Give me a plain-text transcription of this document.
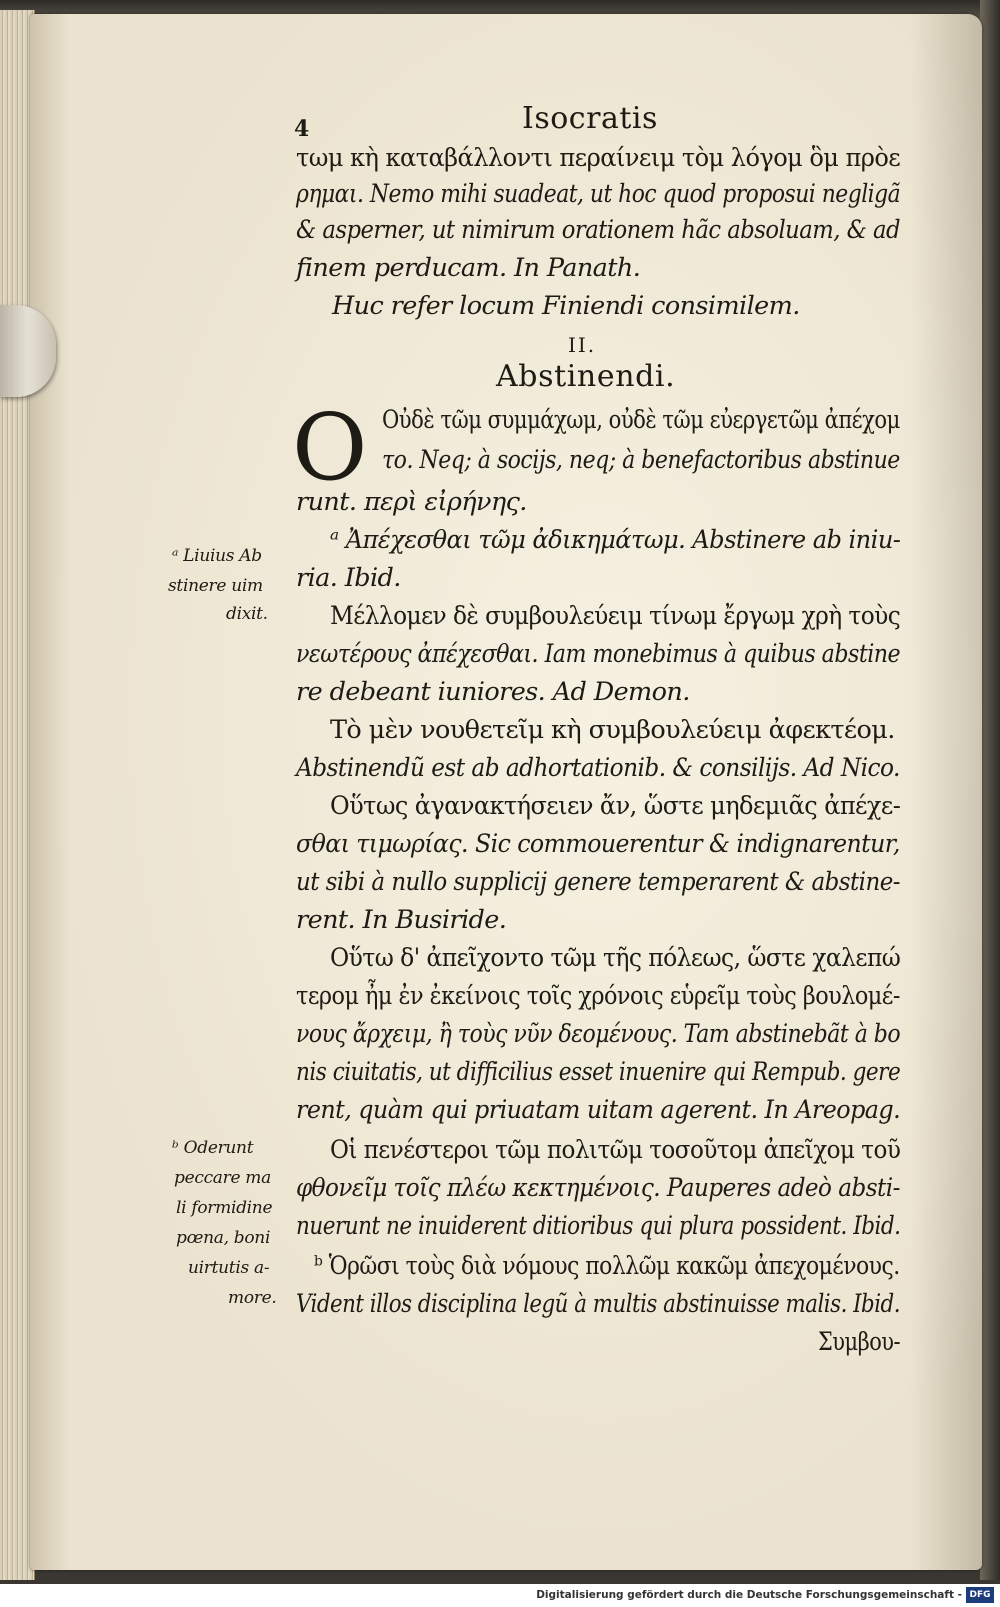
4	Isocratis
τωμ κὴ καταβάλλοντι περαίνειμ τὸμ λόγομ ὃμ πρὸε
ρημαι. Nemo mihi suadeat, ut hoc quod proposui negligã
& asperner, ut nimirum orationem hãc absoluam, & ad
finem perducam. In Panath.
Huc refer locum Finiendi consimilem.
II.
Abstinendi.
O Οὐδὲ τῶμ συμμάχωμ, οὐδὲ τῶμ εὐεργετῶμ ἀπέχομ
το. Neq; à socijs, neq; à benefactoribus abstinue
runt. περὶ εἰρήνης.
ᵃ Ἀπέχεσθαι τῶμ ἀδικημάτωμ. Abstinere ab iniu-
ria. Ibid.
Μέλλομεν δὲ συμβουλεύειμ τίνωμ ἔργωμ χρὴ τοὺς
νεωτέρους ἀπέχεσθαι. Iam monebimus à quibus abstine
re debeant iuniores. Ad Demon.
Τὸ μὲν νουθετεῖμ κὴ συμβουλεύειμ ἀφεκτέομ.
Abstinendũ est ab adhortationib. & consilijs. Ad Nico.
Οὕτως ἀγανακτήσειεν ἄν, ὥστε μηδεμιᾶς ἀπέχε-
σθαι τιμωρίας. Sic commouerentur & indignarentur,
ut sibi à nullo supplicij genere temperarent & abstine-
rent. In Busiride.
Οὕτω δ' ἀπεῖχοντο τῶμ τῆς πόλεως, ὥστε χαλεπώ
τερομ ἦμ ἐν ἐκείνοις τοῖς χρόνοις εὑρεῖμ τοὺς βουλομέ-
νους ἄρχειμ, ἢ τοὺς νῦν δεομένους. Tam abstinebãt à bo
nis ciuitatis, ut difficilius esset inuenire qui Rempub. gere
rent, quàm qui priuatam uitam agerent. In Areopag.
Οἱ πενέστεροι τῶμ πολιτῶμ τοσοῦτομ ἀπεῖχομ τοῦ
φθονεῖμ τοῖς πλέω κεκτημένοις. Pauperes adeò absti-
nuerunt ne inuiderent ditioribus qui plura possident. Ibid.
ᵇ Ὁρῶσι τοὺς διὰ νόμους πολλῶμ κακῶμ ἀπεχομένους.
Vident illos disciplina legũ à multis abstinuisse malis. Ibid.
Συμβου-
ᵃ Liuius Ab
stinere uim
dixit.
ᵇ Oderunt
peccare ma
li formidine
pœna, boni
uirtutis a-
more.
Digitalisierung gefördert durch die Deutsche Forschungsgemeinschaft - DFG
